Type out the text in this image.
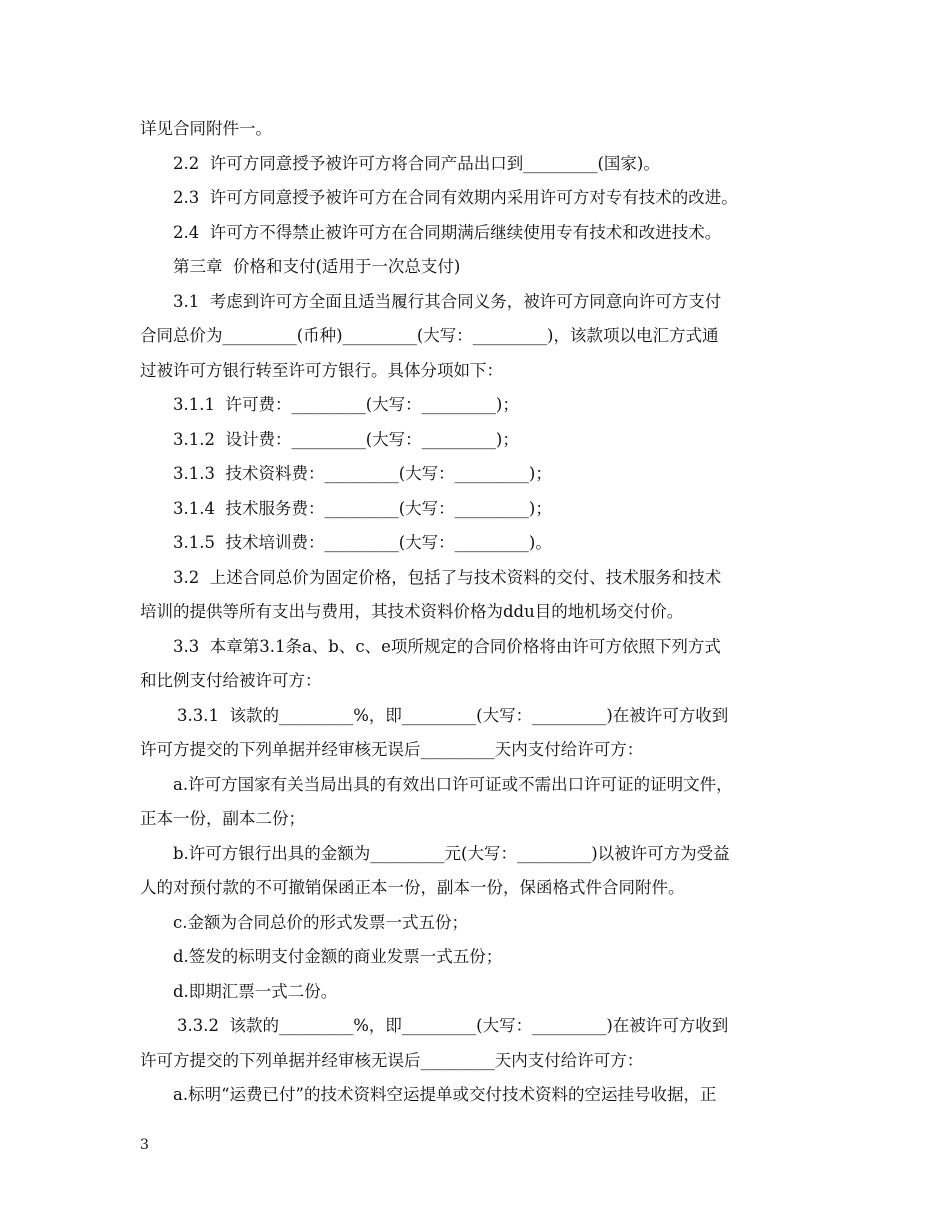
详见合同附件一。
2.2  许可方同意授予被许可方将合同产品出口到_________(国家)。
2.3  许可方同意授予被许可方在合同有效期内采用许可方对专有技术的改进。
2.4  许可方不得禁止被许可方在合同期满后继续使用专有技术和改进技术。
第三章  价格和支付(适用于一次总支付)
3.1  考虑到许可方全面且适当履行其合同义务，被许可方同意向许可方支付
合同总价为_________(币种)_________(大写：_________)，该款项以电汇方式通
过被许可方银行转至许可方银行。具体分项如下：
3.1.1  许可费：_________(大写：_________)；
3.1.2  设计费：_________(大写：_________)；
3.1.3  技术资料费：_________(大写：_________)；
3.1.4  技术服务费：_________(大写：_________)；
3.1.5  技术培训费：_________(大写：_________)。
3.2  上述合同总价为固定价格，包括了与技术资料的交付、技术服务和技术
培训的提供等所有支出与费用，其技术资料价格为ddu目的地机场交付价。
3.3  本章第3.1条a、b、c、e项所规定的合同价格将由许可方依照下列方式
和比例支付给被许可方：
3.3.1  该款的_________%，即_________(大写：_________)在被许可方收到
许可方提交的下列单据并经审核无误后_________天内支付给许可方：
a.许可方国家有关当局出具的有效出口许可证或不需出口许可证的证明文件，
正本一份，副本二份；
b.许可方银行出具的金额为_________元(大写：_________)以被许可方为受益
人的对预付款的不可撤销保函正本一份，副本一份，保函格式件合同附件。
c.金额为合同总价的形式发票一式五份；
d.签发的标明支付金额的商业发票一式五份；
d.即期汇票一式二份。
3.3.2  该款的_________%，即_________(大写：_________)在被许可方收到
许可方提交的下列单据并经审核无误后_________天内支付给许可方：
a.标明“运费已付”的技术资料空运提单或交付技术资料的空运挂号收据，正
3
